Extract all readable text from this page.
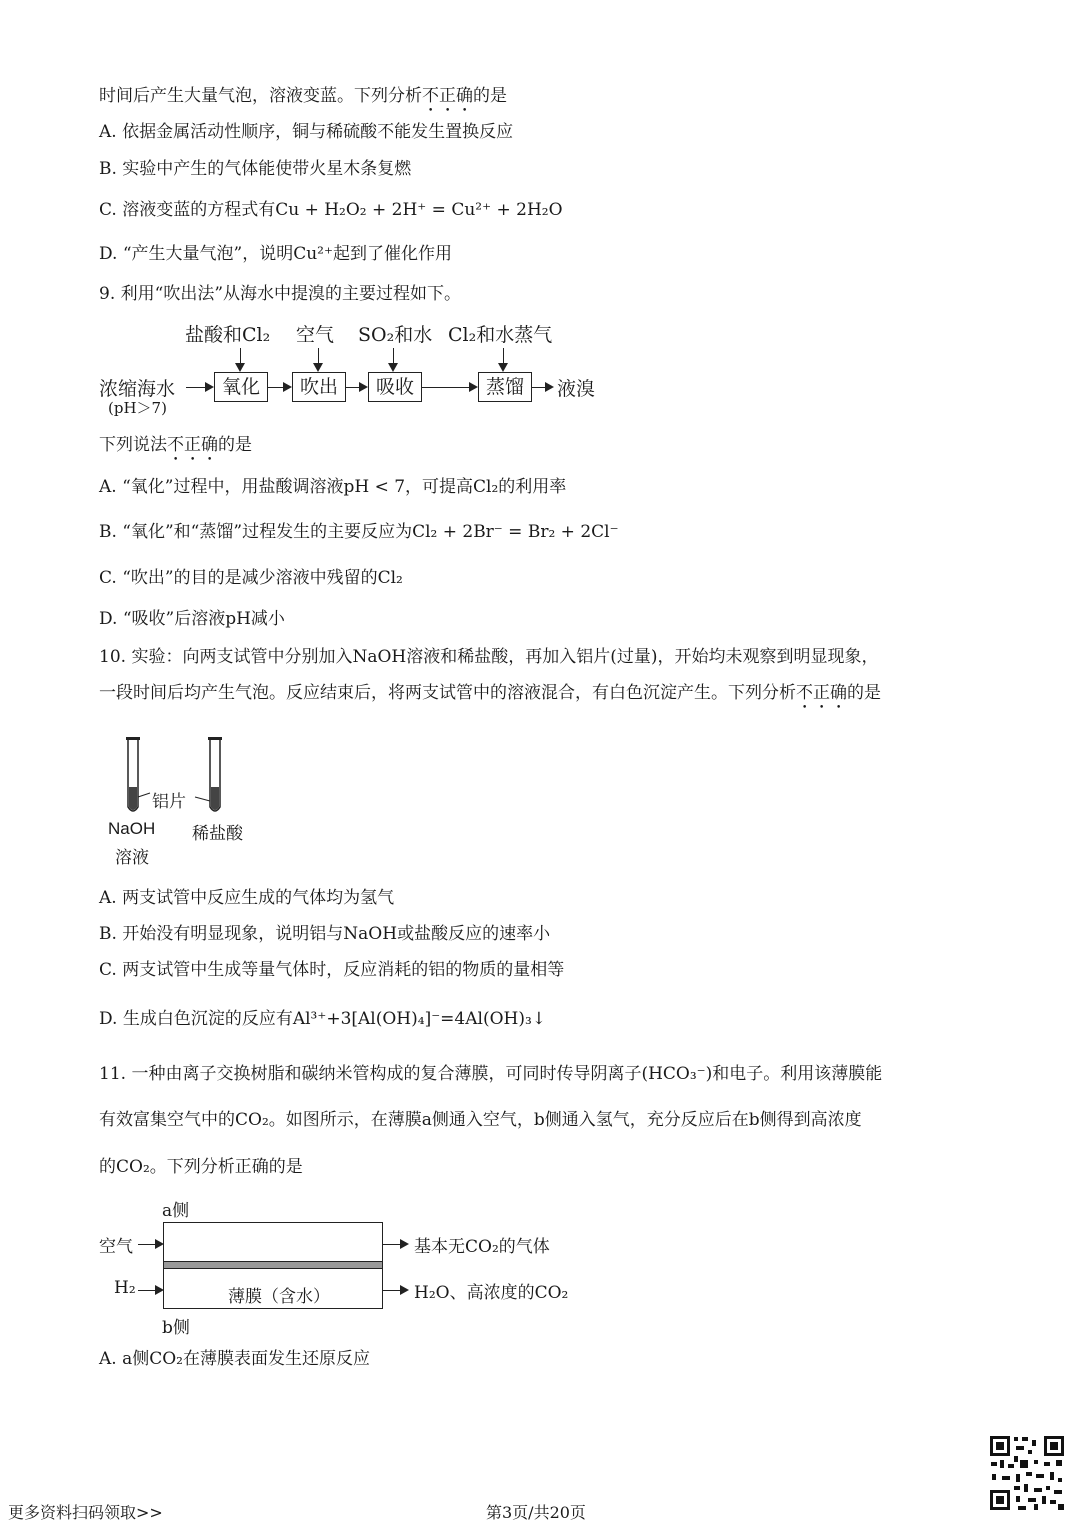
时间后产生大量气泡，溶液变蓝。下列分析不正确的是
A. 依据金属活动性顺序，铜与稀硫酸不能发生置换反应
B. 实验中产生的气体能使带火星木条复燃
C. 溶液变蓝的方程式有Cu + H₂O₂ + 2H⁺ = Cu²⁺ + 2H₂O
D. “产生大量气泡”，说明Cu²⁺起到了催化作用
9. 利用“吹出法”从海水中提溴的主要过程如下。
盐酸和Cl₂ 空气 SO₂和水 Cl₂和水蒸气
浓缩海水
(pH＞7)
氧化	吹出	吸收	蒸馏	液溴
下列说法不正确的是
A. “氧化”过程中，用盐酸调溶液pH < 7，可提高Cl₂的利用率
B. “氧化”和“蒸馏”过程发生的主要反应为Cl₂ + 2Br⁻ = Br₂ + 2Cl⁻
C. “吹出”的目的是减少溶液中残留的Cl₂
D. “吸收”后溶液pH减小
10. 实验：向两支试管中分别加入NaOH溶液和稀盐酸，再加入铝片(过量)，开始均未观察到明显现象，
一段时间后均产生气泡。反应结束后，将两支试管中的溶液混合，有白色沉淀产生。下列分析不正确的是
铝片
NaOH
溶液
稀盐酸
A. 两支试管中反应生成的气体均为氢气
B. 开始没有明显现象，说明铝与NaOH或盐酸反应的速率小
C. 两支试管中生成等量气体时，反应消耗的铝的物质的量相等
D. 生成白色沉淀的反应有Al³⁺+3[Al(OH)₄]⁻=4Al(OH)₃↓
11. 一种由离子交换树脂和碳纳米管构成的复合薄膜，可同时传导阴离子(HCO₃⁻)和电子。利用该薄膜能
有效富集空气中的CO₂。如图所示，在薄膜a侧通入空气，b侧通入氢气，充分反应后在b侧得到高浓度
的CO₂。下列分析正确的是
a侧
空气
薄膜（含水）
基本无CO₂的气体
H₂	H₂O、高浓度的CO₂
b侧
A. a侧CO₂在薄膜表面发生还原反应
更多资料扫码领取>>	第3页/共20页
